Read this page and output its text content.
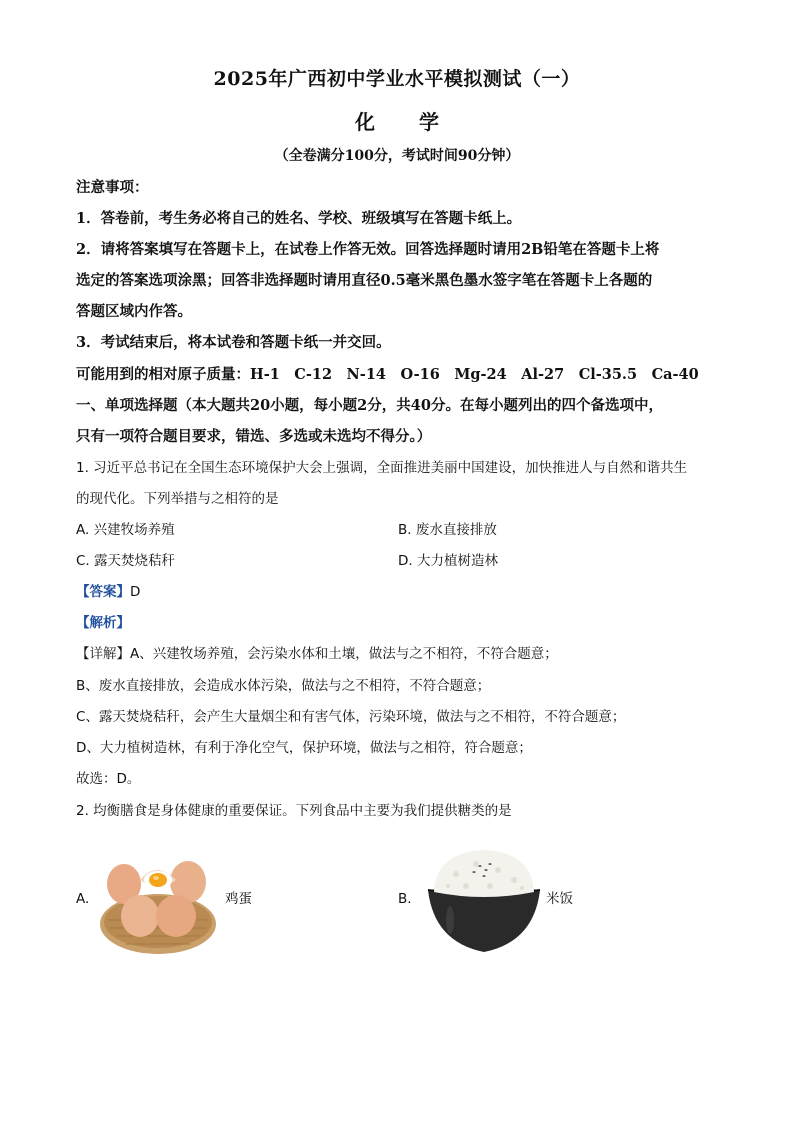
2025年广西初中学业水平模拟测试（一）
化学
（全卷满分100分，考试时间90分钟）
注意事项：
1．答卷前，考生务必将自己的姓名、学校、班级填写在答题卡纸上。
2．请将答案填写在答题卡上，在试卷上作答无效。回答选择题时请用2B铅笔在答题卡上将
选定的答案选项涂黑；回答非选择题时请用直径0.5毫米黑色墨水签字笔在答题卡上各题的
答题区域内作答。
3．考试结束后，将本试卷和答题卡纸一并交回。
可能用到的相对原子质量：H-1　C-12　N-14　O-16　Mg-24　Al-27　Cl-35.5　Ca-40
一、单项选择题（本大题共20小题，每小题2分，共40分。在每小题列出的四个备选项中，
只有一项符合题目要求，错选、多选或未选均不得分。）
1. 习近平总书记在全国生态环境保护大会上强调，全面推进美丽中国建设，加快推进人与自然和谐共生
的现代化。下列举措与之相符的是
A. 兴建牧场养殖	B. 废水直接排放
C. 露天焚烧秸秆	D. 大力植树造林
【答案】D
【解析】
【详解】A、兴建牧场养殖，会污染水体和土壤，做法与之不相符，不符合题意；
B、废水直接排放，会造成水体污染，做法与之不相符，不符合题意；
C、露天焚烧秸秆，会产生大量烟尘和有害气体，污染环境，做法与之不相符，不符合题意；
D、大力植树造林，有利于净化空气，保护环境，做法与之相符，符合题意；
故选：D。
2. 均衡膳食是身体健康的重要保证。下列食品中主要为我们提供糖类的是
A.	鸡蛋	B.	米饭
